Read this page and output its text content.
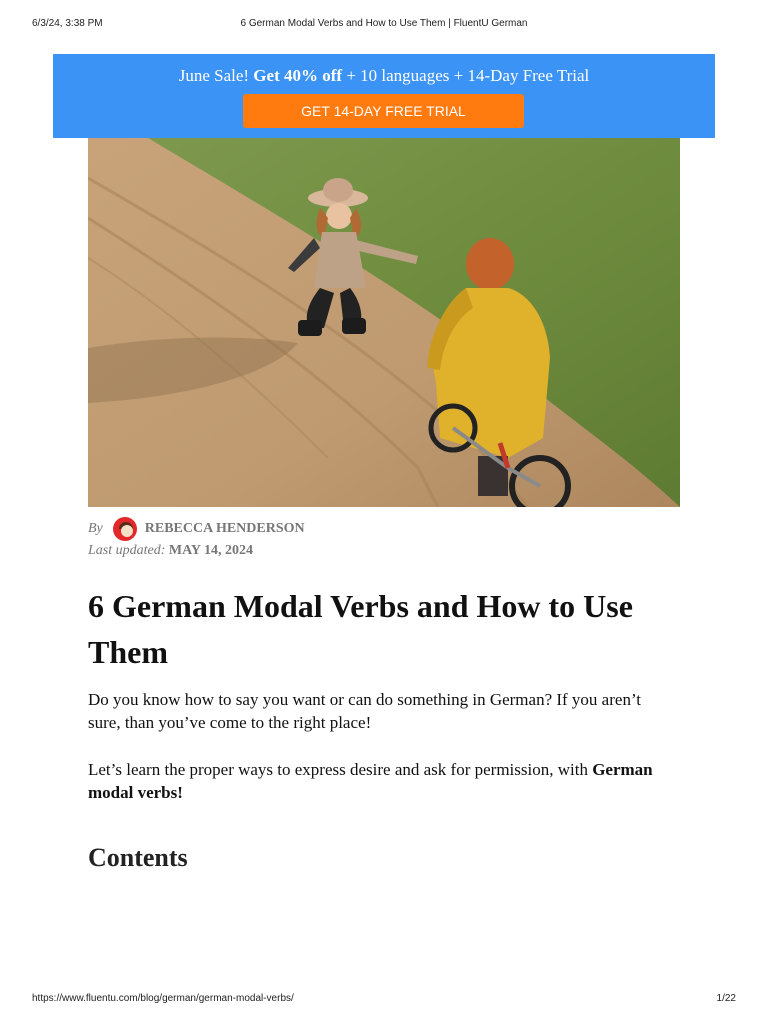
6/3/24, 3:38 PM	6 German Modal Verbs and How to Use Them | FluentU German
June Sale! Get 40% off + 10 languages + 14-Day Free Trial
GET 14-DAY FREE TRIAL
By	REBECCA HENDERSON
Last updated: MAY 14, 2024
6 German Modal Verbs and How to Use Them

Do you know how to say you want or can do something in German? If you aren’t sure, than you’ve come to the right place!

Let’s learn the proper ways to express desire and ask for permission, with German modal verbs!

Contents
https://www.fluentu.com/blog/german/german-modal-verbs/	1/22
